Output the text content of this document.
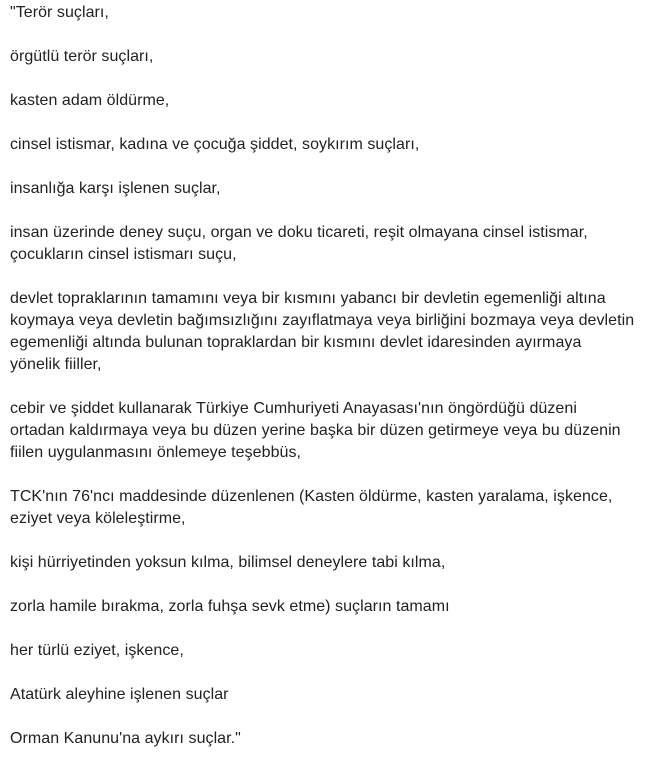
"Terör suçları,

örgütlü terör suçları,

kasten adam öldürme,

cinsel istismar, kadına ve çocuğa şiddet, soykırım suçları,

insanlığa karşı işlenen suçlar,

insan üzerinde deney suçu, organ ve doku ticareti, reşit olmayana cinsel istismar, çocukların cinsel istismarı suçu,

devlet topraklarının tamamını veya bir kısmını yabancı bir devletin egemenliği altına koymaya veya devletin bağımsızlığını zayıflatmaya veya birliğini bozmaya veya devletin egemenliği altında bulunan topraklardan bir kısmını devlet idaresinden ayırmaya yönelik fiiller,

cebir ve şiddet kullanarak Türkiye Cumhuriyeti Anayasası'nın öngördüğü düzeni ortadan kaldırmaya veya bu düzen yerine başka bir düzen getirmeye veya bu düzenin fiilen uygulanmasını önlemeye teşebbüs,

TCK'nın 76'ncı maddesinde düzenlenen (Kasten öldürme, kasten yaralama, işkence, eziyet veya köleleştirme,

kişi hürriyetinden yoksun kılma, bilimsel deneylere tabi kılma,

zorla hamile bırakma, zorla fuhşa sevk etme) suçların tamamı

her türlü eziyet, işkence,

Atatürk aleyhine işlenen suçlar

Orman Kanunu'na aykırı suçlar."
